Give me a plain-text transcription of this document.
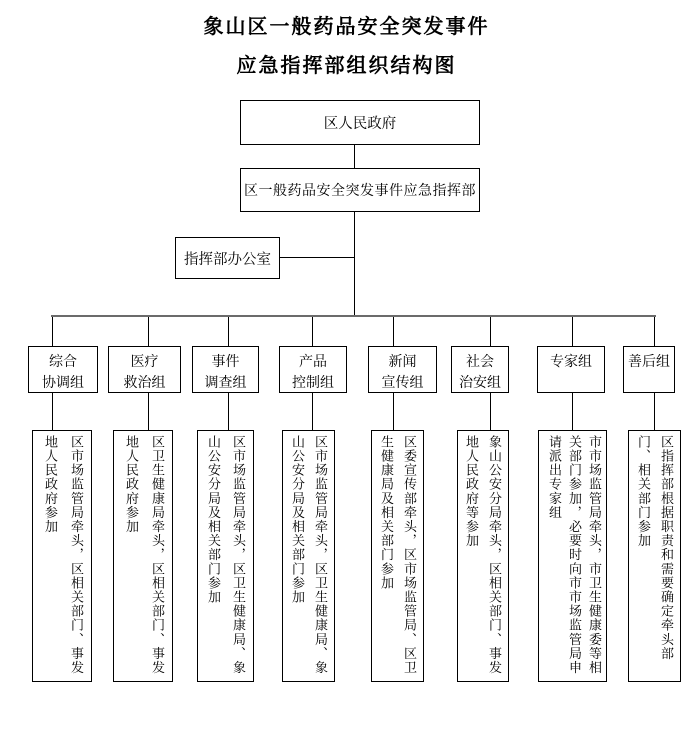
象山区一般药品安全突发事件
应急指挥部组织结构图
区人民政府
区一般药品安全突发事件应急指挥部
指挥部办公室
综合
协调组
医疗
救治组
事件
调查组
产品
控制组
新闻
宣传组
社会
治安组
专家组	善后组
区市场监管局牵头，区相关部门、事发
地人民政府参加	区卫生健康局牵头，区相关部门、事发
地人民政府参加	区市场监管局牵头，区卫生健康局、象
山公安分局及相关部门参加	区市场监管局牵头，区卫生健康局、象
山公安分局及相关部门参加	区委宣传部牵头，区市场监管局、区卫
生健康局及相关部门参加	象山公安分局牵头，区相关部门、事发
地人民政府等参加	市市场监管局牵头，市卫生健康委等相
关部门参加，必要时向市市场监管局申
请派出专家组	区指挥部根据职责和需要确定牵头部
门、相关部门参加
